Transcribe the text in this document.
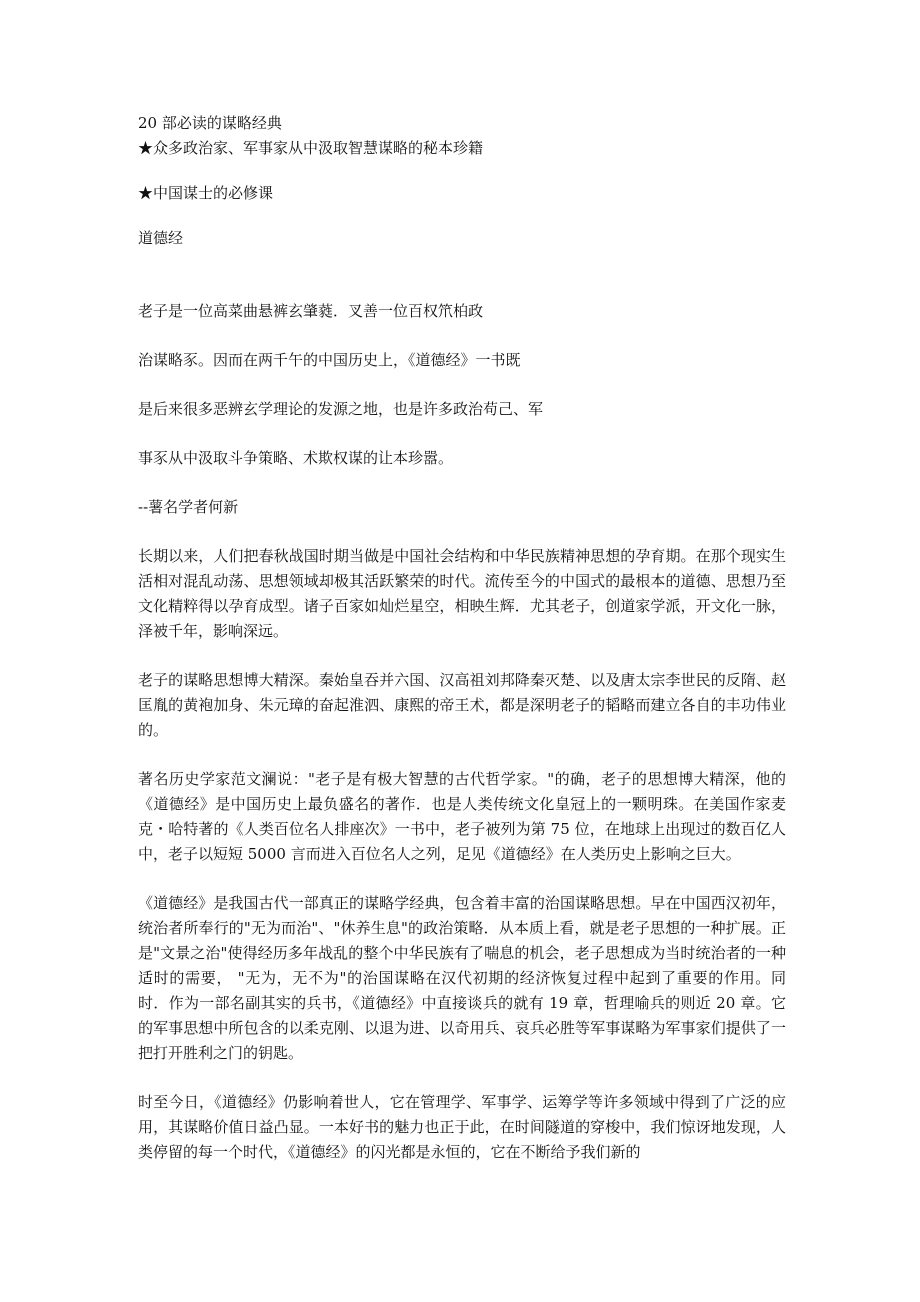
20 部必读的谋略经典

★众多政治家、军事家从中汲取智慧谋略的秘本珍籍

★中国谋士的必修课

道德经

老子是一位高菜曲悬裤玄肇蕤．叉善一位百权笊柏政

治谋略豕。因而在两千午的中国历史上，《道德经》一书既

是后来很多恶辨玄学理论的发源之地，也是许多政治苟己、军

事豕从中汲取斗争策略、术欺权谋的让本珍嚣。

--薯名学者何新

长期以来，人们把春秋战国时期当做是中国社会结构和中华民族精神思想的孕育期。在那个现实生活相对混乱动荡、思想领域却极其活跃繁荣的时代。流传至今的中国式的最根本的道德、思想乃至文化精粹得以孕育成型。诸子百家如灿烂星空，相映生辉．尤其老子，创道家学派，开文化一脉，泽被千年，影响深远。

老子的谋略思想博大精深。秦始皇吞并六国、汉高祖刘邦降秦灭楚、以及唐太宗李世民的反隋、赵匡胤的黄袍加身、朱元璋的奋起淮泗、康熙的帝王术，都是深明老子的韬略而建立各自的丰功伟业的。

著名历史学家范文澜说："老子是有极大智慧的古代哲学家。"的确，老子的思想博大精深，他的《道德经》是中国历史上最负盛名的著作．也是人类传统文化皇冠上的一颗明珠。在美国作家麦克・哈特著的《人类百位名人排座次》一书中，老子被列为第 75 位，在地球上出现过的数百亿人中，老子以短短 5000 言而进入百位名人之列，足见《道德经》在人类历史上影响之巨大。

《道德经》是我国古代一部真正的谋略学经典，包含着丰富的治国谋略思想。早在中国西汉初年，统治者所奉行的"无为而治"、"休养生息"的政治策略．从本质上看，就是老子思想的一种扩展。正是"文景之治"使得经历多年战乱的整个中华民族有了喘息的机会，老子思想成为当时统治者的一种适时的需要， "无为，无不为"的治国谋略在汉代初期的经济恢复过程中起到了重要的作用。同时．作为一部名副其实的兵书，《道德经》中直接谈兵的就有 19 章，哲理喻兵的则近 20 章。它的军事思想中所包含的以柔克刚、以退为进、以奇用兵、哀兵必胜等军事谋略为军事家们提供了一把打开胜利之门的钥匙。

时至今日，《道德经》仍影响着世人，它在管理学、军事学、运筹学等许多领域中得到了广泛的应用，其谋略价值日益凸显。一本好书的魅力也正于此，在时间隧道的穿梭中，我们惊讶地发现，人类停留的每一个时代，《道德经》的闪光都是永恒的，它在不断给予我们新的
